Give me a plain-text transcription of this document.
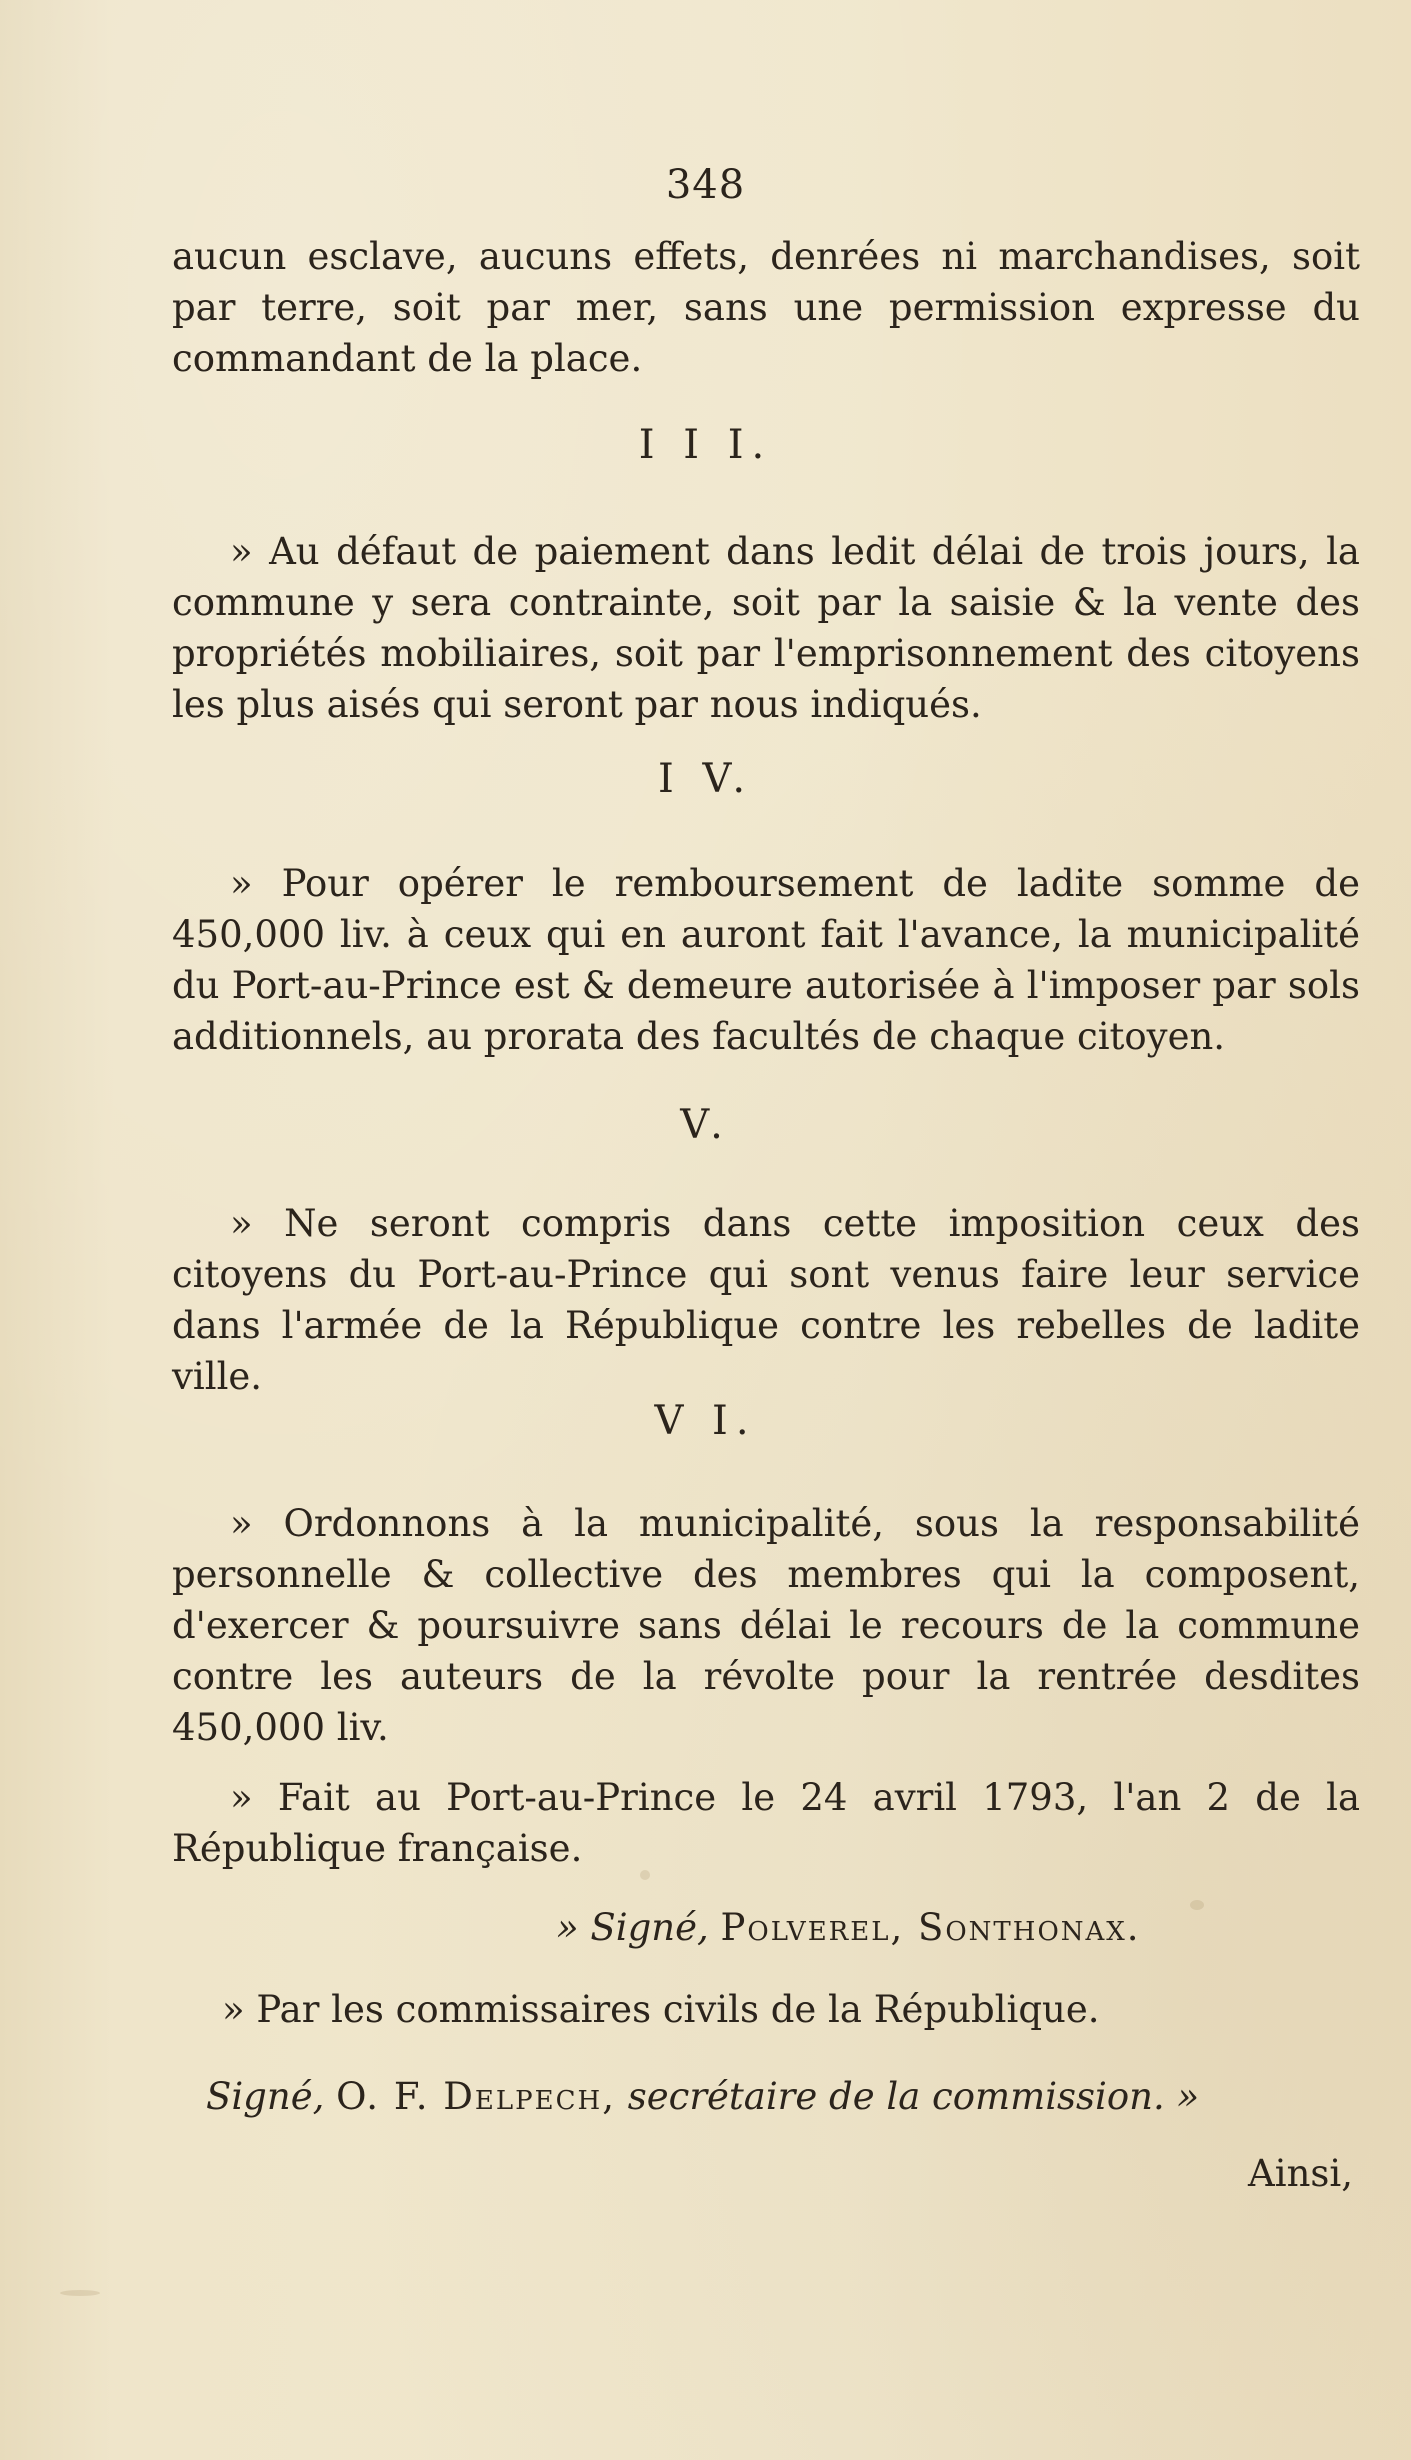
348

aucun esclave, aucuns effets, denrées ni marchandises, soit par terre, soit par mer, sans une permission expresse du commandant de la place.

I I I.

» Au défaut de paiement dans ledit délai de trois jours, la commune y sera contrainte, soit par la saisie & la vente des propriétés mobiliaires, soit par l'emprisonnement des citoyens les plus aisés qui seront par nous indiqués.

I V.

» Pour opérer le remboursement de ladite somme de 450,000 liv. à ceux qui en auront fait l'avance, la municipalité du Port-au-Prince est & demeure autorisée à l'imposer par sols additionnels, au prorata des facultés de chaque citoyen.

V.

» Ne seront compris dans cette imposition ceux des citoyens du Port-au-Prince qui sont venus faire leur service dans l'armée de la République contre les rebelles de ladite ville.

V I.

» Ordonnons à la municipalité, sous la responsabilité personnelle & collective des membres qui la composent, d'exercer & poursuivre sans délai le recours de la commune contre les auteurs de la révolte pour la rentrée desdites 450,000 liv.

» Fait au Port-au-Prince le 24 avril 1793, l'an 2 de la République française.

» Signé, Polverel, Sonthonax.
» Par les commissaires civils de la République.
Signé, O. F. Delpech, secrétaire de la commission. »
Ainsi,
